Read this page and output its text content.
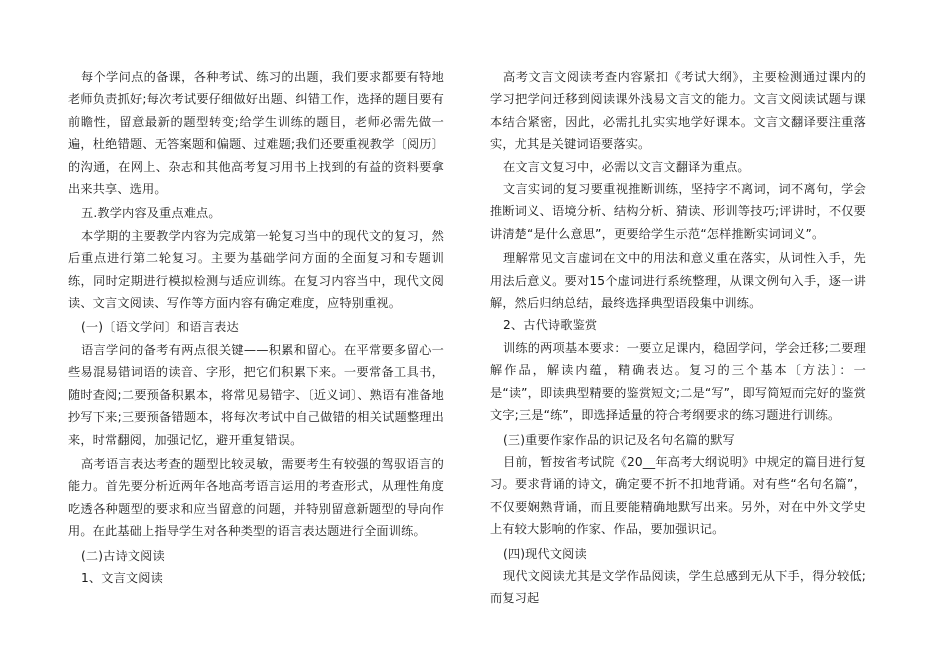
每个学问点的备课，各种考试、练习的出题，我们要求都要有特地老师负责抓好;每次考试要仔细做好出题、纠错工作，选择的题目要有前瞻性，留意最新的题型转变;给学生训练的题目，老师必需先做一遍，杜绝错题、无答案题和偏题、过难题;我们还要重视教学〔阅历〕的沟通，在网上、杂志和其他高考复习用书上找到的有益的资料要拿出来共享、选用。

五.教学内容及重点难点。

本学期的主要教学内容为完成第一轮复习当中的现代文的复习，然后重点进行第二轮复习。主要为基础学问方面的全面复习和专题训练，同时定期进行模拟检测与适应训练。在复习内容当中，现代文阅读、文言文阅读、写作等方面内容有确定难度，应特别重视。

(一)〔语文学问〕和语言表达

语言学问的备考有两点很关键——积累和留心。在平常要多留心一些易混易错词语的读音、字形，把它们积累下来。一要常备工具书，随时查阅;二要预备积累本，将常见易错字、〔近义词〕、熟语有准备地抄写下来;三要预备错题本，将每次考试中自己做错的相关试题整理出来，时常翻阅，加强记忆，避开重复错误。

高考语言表达考查的题型比较灵敏，需要考生有较强的驾驭语言的能力。首先要分析近两年各地高考语言运用的考查形式，从理性角度吃透各种题型的要求和应当留意的问题，并特别留意新题型的导向作用。在此基础上指导学生对各种类型的语言表达题进行全面训练。

(二)古诗文阅读

1、文言文阅读

高考文言文阅读考查内容紧扣《考试大纲》，主要检测通过课内的学习把学问迁移到阅读课外浅易文言文的能力。文言文阅读试题与课本结合紧密，因此，必需扎扎实实地学好课本。文言文翻译要注重落实，尤其是关键词语要落实。

在文言文复习中，必需以文言文翻译为重点。

文言实词的复习要重视推断训练，坚持字不离词，词不离句，学会推断词义、语境分析、结构分析、猜读、形训等技巧;评讲时，不仅要讲清楚“是什么意思”，更要给学生示范“怎样推断实词词义”。

理解常见文言虚词在文中的用法和意义重在落实，从词性入手，先用法后意义。要对15个虚词进行系统整理，从课文例句入手，逐一讲解，然后归纳总结，最终选择典型语段集中训练。

2、古代诗歌鉴赏

训练的两项基本要求：一要立足课内，稳固学问，学会迁移;二要理解作品，解读内蕴，精确表达。复习的三个基本〔方法〕：一是“读”，即读典型精要的鉴赏短文;二是“写”，即写简短而完好的鉴赏文字;三是“练”，即选择适量的符合考纲要求的练习题进行训练。

(三)重要作家作品的识记及名句名篇的默写

目前，暂按省考试院《20__年高考大纲说明》中规定的篇目进行复习。要求背诵的诗文，确定要不折不扣地背诵。对有些“名句名篇”，不仅要娴熟背诵，而且要能精确地默写出来。另外，对在中外文学史上有较大影响的作家、作品，要加强识记。

(四)现代文阅读

现代文阅读尤其是文学作品阅读，学生总感到无从下手，得分较低;而复习起
